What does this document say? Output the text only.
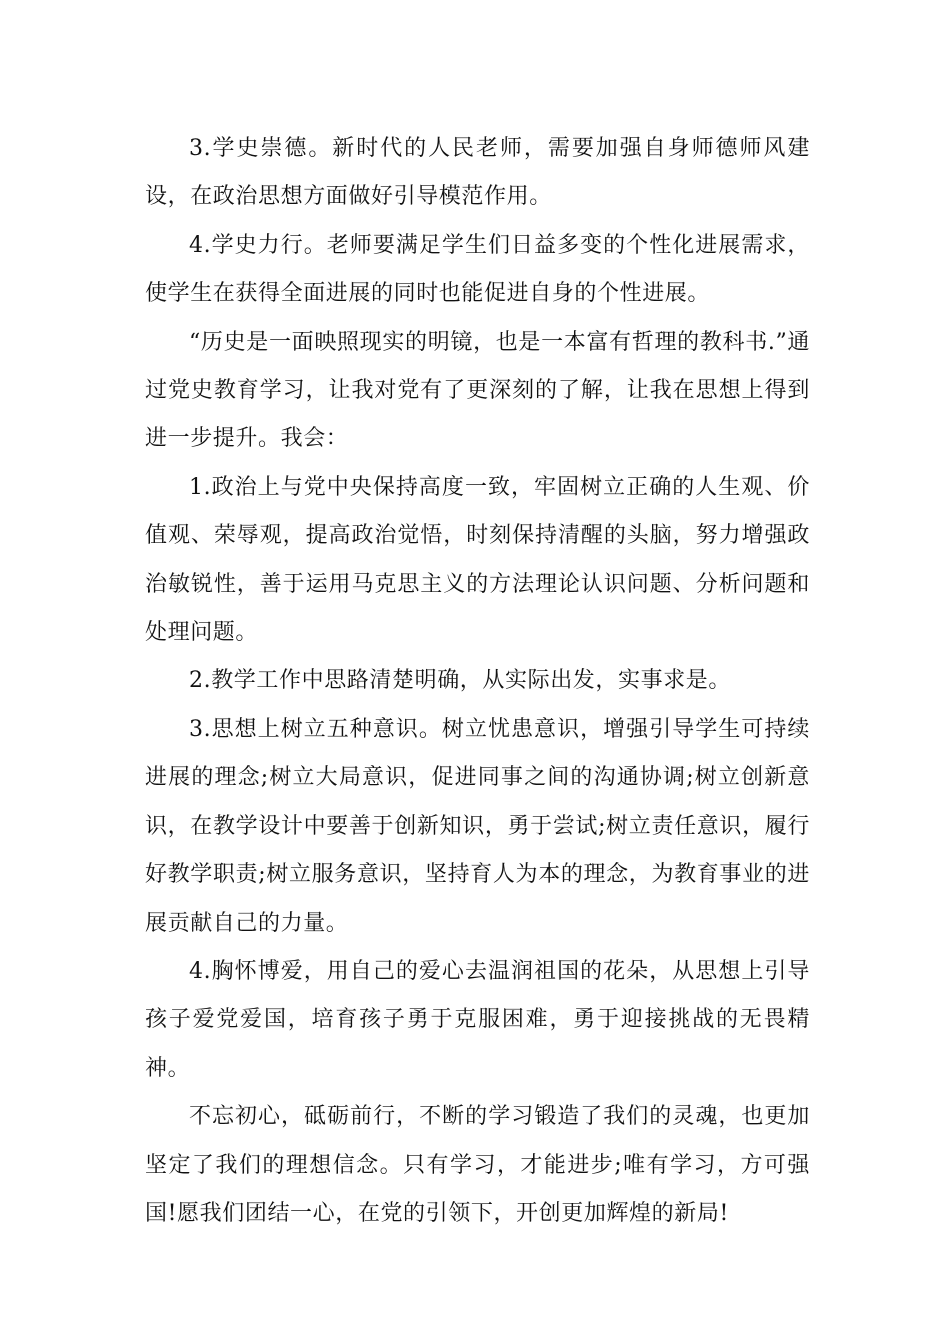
3.学史崇德。新时代的人民老师，需要加强自身师德师风建设，在政治思想方面做好引导模范作用。

4.学史力行。老师要满足学生们日益多变的个性化进展需求，使学生在获得全面进展的同时也能促进自身的个性进展。

“历史是一面映照现实的明镜，也是一本富有哲理的教科书.”通过党史教育学习，让我对党有了更深刻的了解，让我在思想上得到进一步提升。我会：

1.政治上与党中央保持高度一致，牢固树立正确的人生观、价值观、荣辱观，提高政治觉悟，时刻保持清醒的头脑，努力增强政治敏锐性，善于运用马克思主义的方法理论认识问题、分析问题和处理问题。

2.教学工作中思路清楚明确，从实际出发，实事求是。

3.思想上树立五种意识。树立忧患意识，增强引导学生可持续进展的理念;树立大局意识，促进同事之间的沟通协调;树立创新意识，在教学设计中要善于创新知识，勇于尝试;树立责任意识，履行好教学职责;树立服务意识，坚持育人为本的理念，为教育事业的进展贡献自己的力量。

4.胸怀博爱，用自己的爱心去温润祖国的花朵，从思想上引导孩子爱党爱国，培育孩子勇于克服困难，勇于迎接挑战的无畏精神。

不忘初心，砥砺前行，不断的学习锻造了我们的灵魂，也更加坚定了我们的理想信念。只有学习，才能进步;唯有学习，方可强国!愿我们团结一心，在党的引领下，开创更加辉煌的新局!
